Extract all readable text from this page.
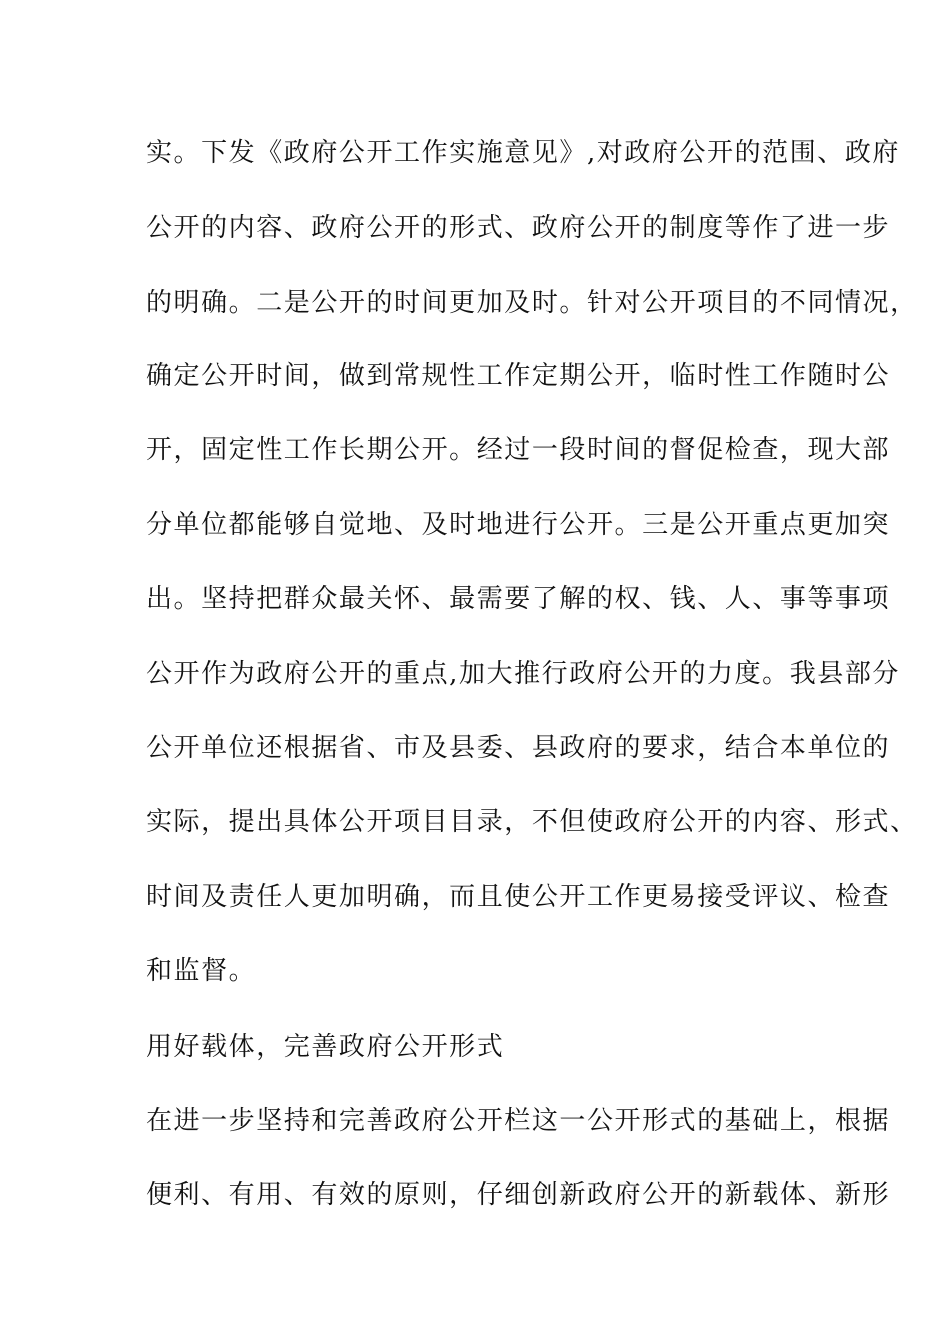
实。下发《政府公开工作实施意见》,对政府公开的范围、政府
公开的内容、政府公开的形式、政府公开的制度等作了进一步
的明确。二是公开的时间更加及时。针对公开项目的不同情况，
确定公开时间，做到常规性工作定期公开，临时性工作随时公
开，固定性工作长期公开。经过一段时间的督促检查，现大部
分单位都能够自觉地、及时地进行公开。三是公开重点更加突
出。坚持把群众最关怀、最需要了解的权、钱、人、事等事项
公开作为政府公开的重点,加大推行政府公开的力度。我县部分
公开单位还根据省、市及县委、县政府的要求，结合本单位的
实际，提出具体公开项目目录，不但使政府公开的内容、形式、
时间及责任人更加明确，而且使公开工作更易接受评议、检查
和监督。
用好载体，完善政府公开形式
在进一步坚持和完善政府公开栏这一公开形式的基础上，根据
便利、有用、有效的原则，仔细创新政府公开的新载体、新形
